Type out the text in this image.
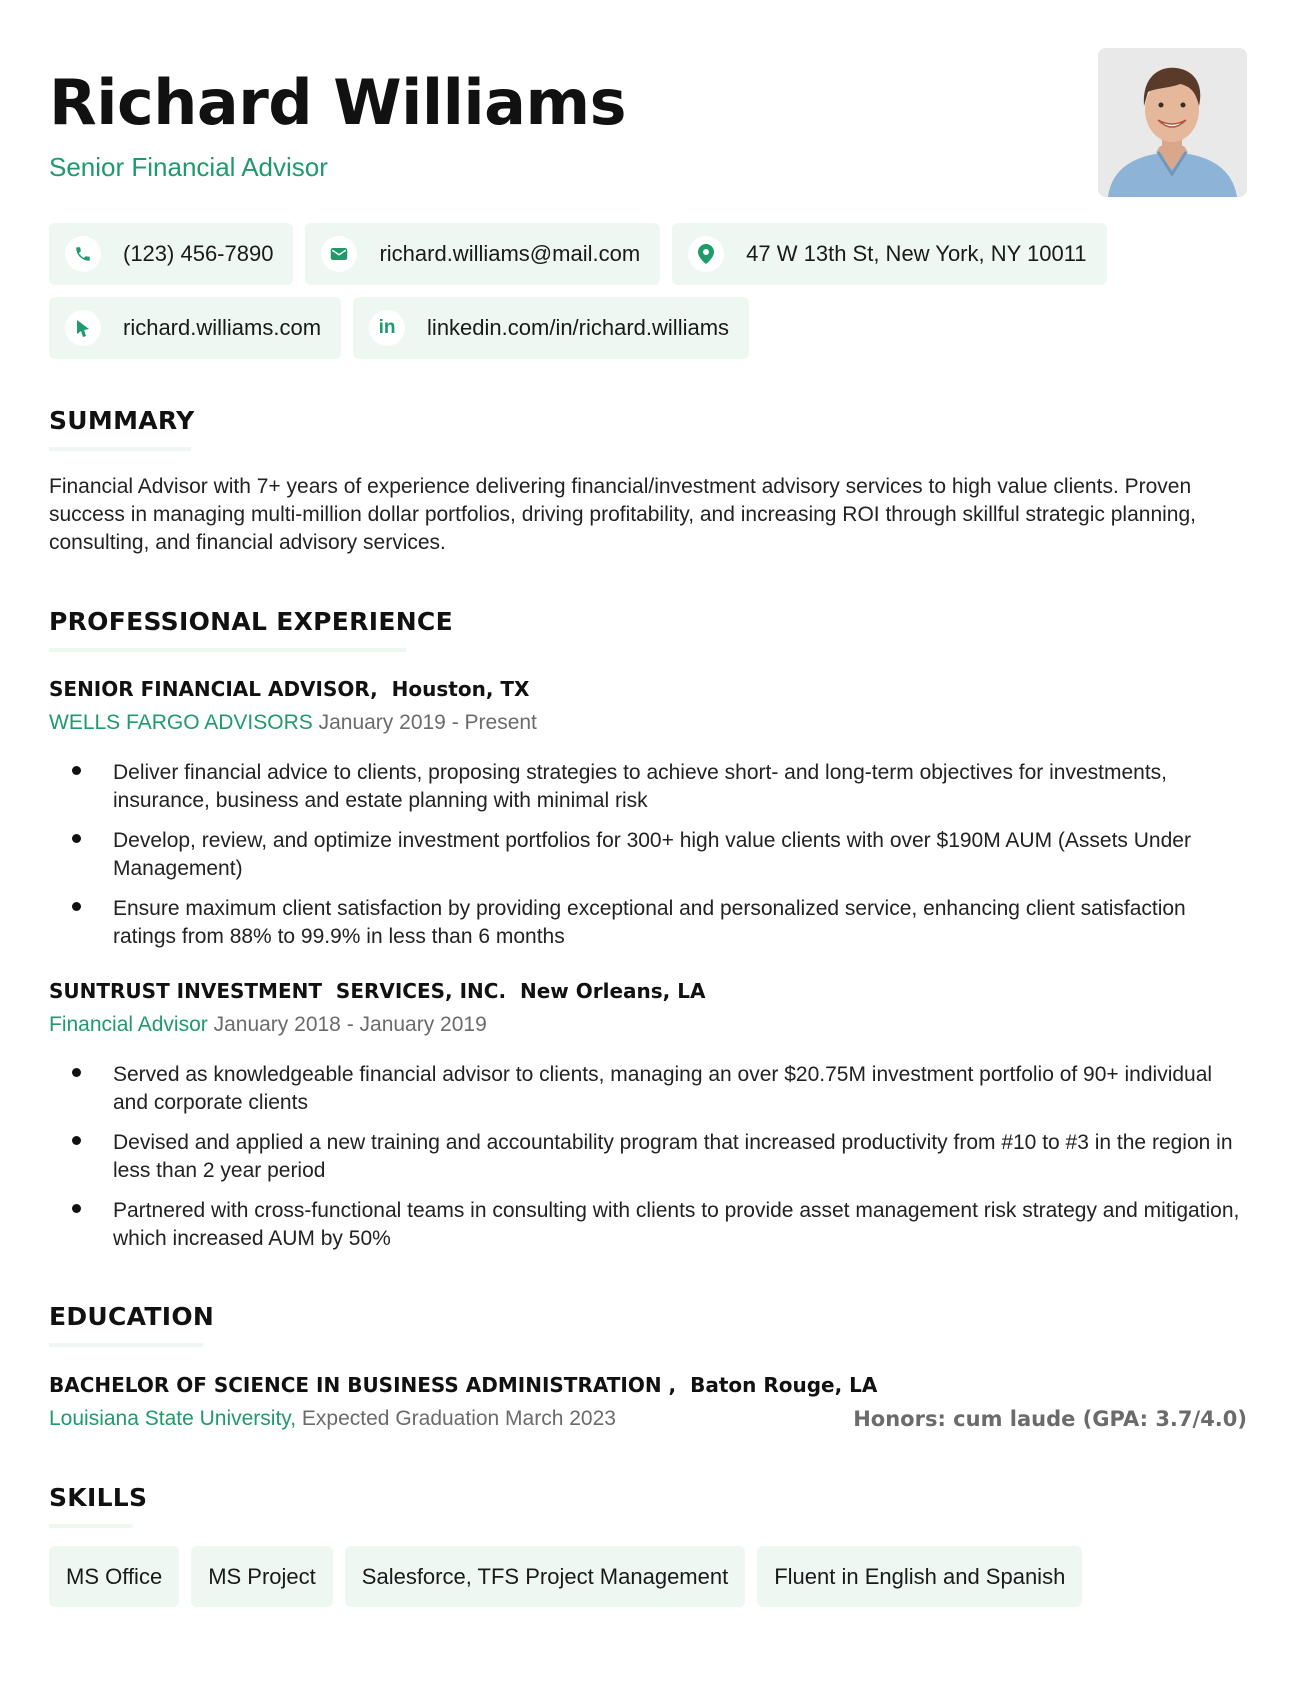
Richard Williams
Senior Financial Advisor
(123) 456-7890	richard.williams@mail.com	47 W 13th St, New York, NY 10011
richard.williams.com	in linkedin.com/in/richard.williams
SUMMARY

Financial Advisor with 7+ years of experience delivering financial/investment advisory services to high value clients. Proven success in managing multi-million dollar portfolios, driving profitability, and increasing ROI through skillful strategic planning, consulting, and financial advisory services.

PROFESSIONAL EXPERIENCE
SENIOR FINANCIAL ADVISOR,  Houston, TX
WELLS FARGO ADVISORS January 2019 - Present
Deliver financial advice to clients, proposing strategies to achieve short- and long-term objectives for investments, insurance, business and estate planning with minimal risk
Develop, review, and optimize investment portfolios for 300+ high value clients with over $190M AUM (Assets Under Management)
Ensure maximum client satisfaction by providing exceptional and personalized service, enhancing client satisfaction ratings from 88% to 99.9% in less than 6 months
SUNTRUST INVESTMENT  SERVICES, INC.  New Orleans, LA
Financial Advisor January 2018 - January 2019
Served as knowledgeable financial advisor to clients, managing an over $20.75M investment portfolio of 90+ individual and corporate clients
Devised and applied a new training and accountability program that increased productivity from #10 to #3 in the region in less than 2 year period
Partnered with cross-functional teams in consulting with clients to provide asset management risk strategy and mitigation, which increased AUM by 50%
EDUCATION
BACHELOR OF SCIENCE IN BUSINESS ADMINISTRATION ,  Baton Rouge, LA
Louisiana State University, Expected Graduation March 2023	Honors: cum laude (GPA: 3.7/4.0)
SKILLS
MS Office	MS Project	Salesforce, TFS Project Management	Fluent in English and Spanish
